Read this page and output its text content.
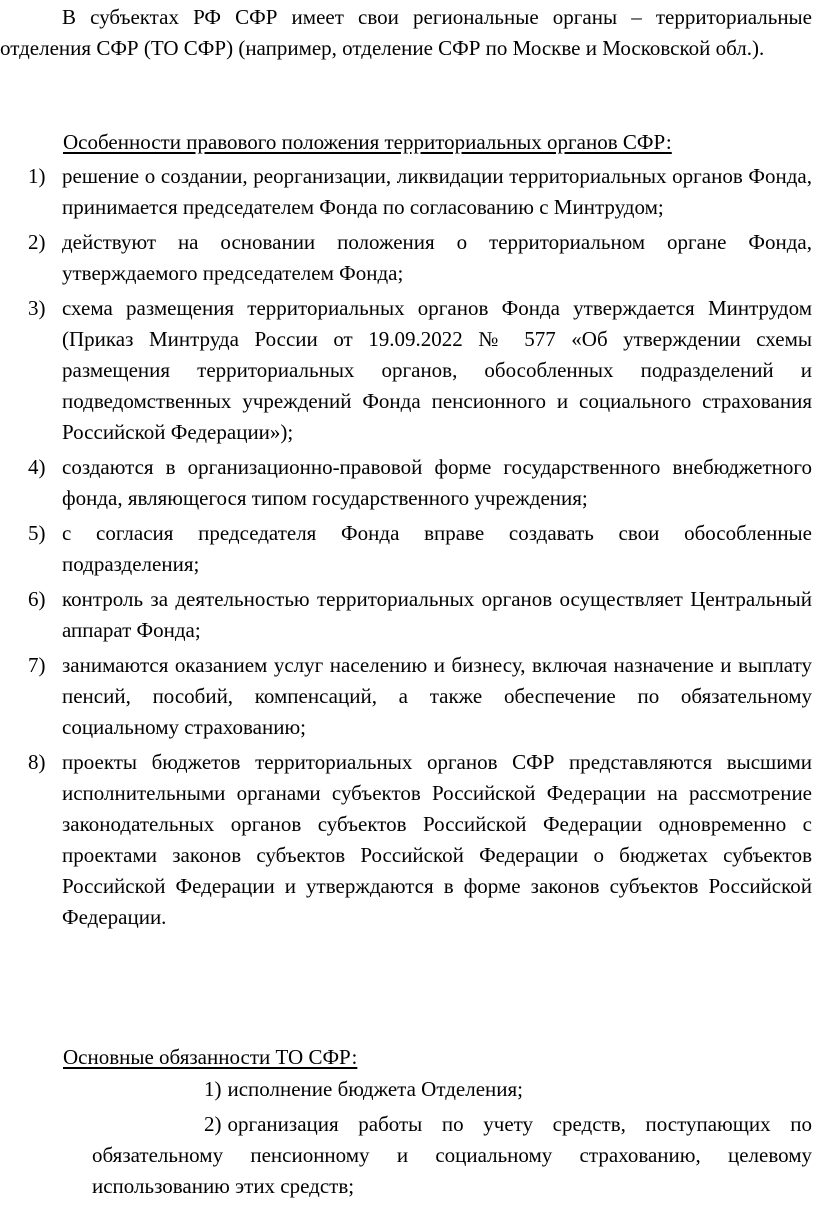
В субъектах РФ СФР имеет свои региональные органы – территориальные отделения СФР (ТО СФР) (например, отделение СФР по Москве и Московской обл.).

Особенности правового положения территориальных органов СФР:

1) решение о создании, реорганизации, ликвидации территориальных органов Фонда, принимается председателем Фонда по согласованию с Минтрудом;
2) действуют на основании положения о территориальном органе Фонда, утверждаемого председателем Фонда;
3) схема размещения территориальных органов Фонда утверждается Минтрудом (Приказ Минтруда России от 19.09.2022 № 577 «Об утверждении схемы размещения территориальных органов, обособленных подразделений и подведомственных учреждений Фонда пенсионного и социального страхования Российской Федерации»);
4) создаются в организационно-правовой форме государственного внебюджетного фонда, являющегося типом государственного учреждения;
5) с согласия председателя Фонда вправе создавать свои обособленные подразделения;
6) контроль за деятельностью территориальных органов осуществляет Центральный аппарат Фонда;
7) занимаются оказанием услуг населению и бизнесу, включая назначение и выплату пенсий, пособий, компенсаций, а также обеспечение по обязательному социальному страхованию;
8) проекты бюджетов территориальных органов СФР представляются высшими исполнительными органами субъектов Российской Федерации на рассмотрение законодательных органов субъектов Российской Федерации одновременно с проектами законов субъектов Российской Федерации о бюджетах субъектов Российской Федерации и утверждаются в форме законов субъектов Российской Федерации.

Основные обязанности ТО СФР:

1) исполнение бюджета Отделения;
2) организация работы по учету средств, поступающих по обязательному пенсионному и социальному страхованию, целевому использованию этих средств;
